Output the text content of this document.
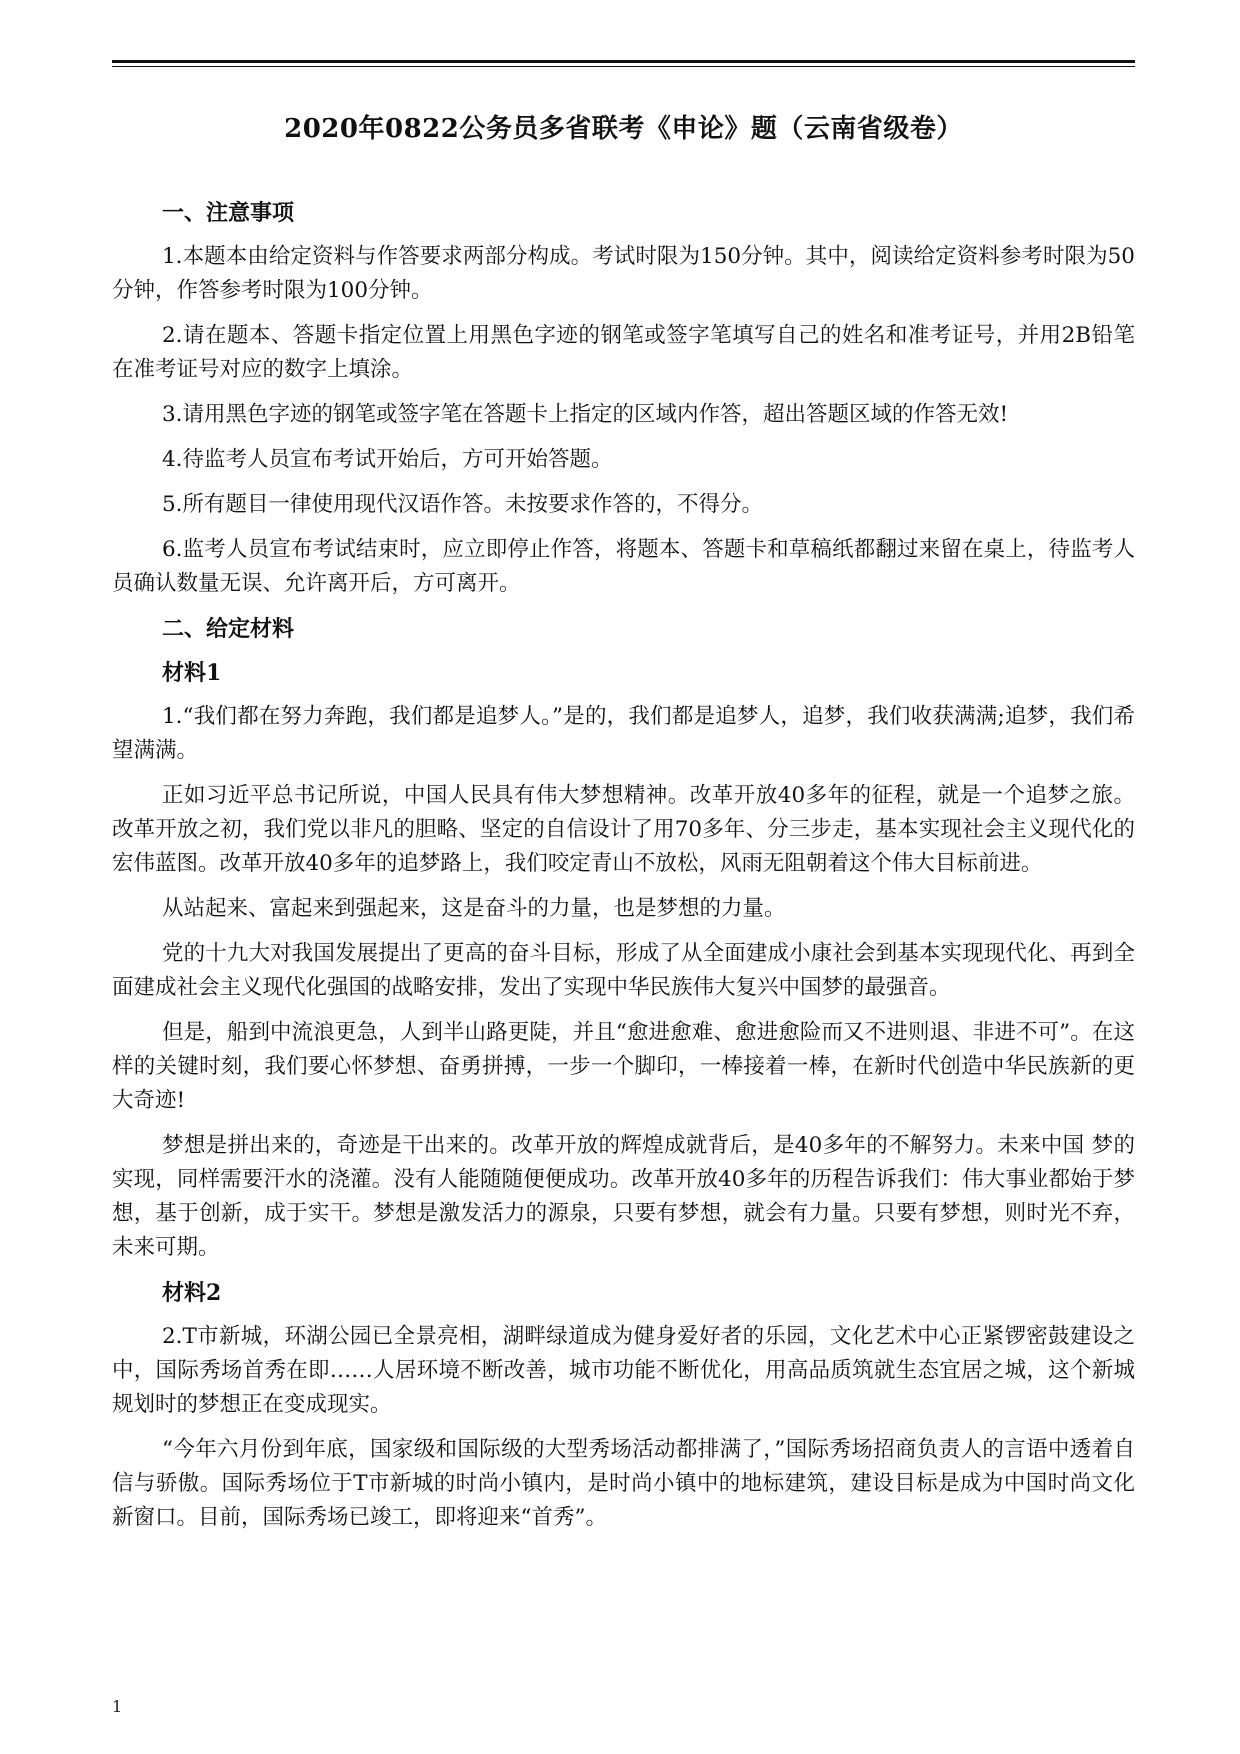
2020年0822公务员多省联考《申论》题（云南省级卷）
一、注意事项

1.本题本由给定资料与作答要求两部分构成。考试时限为150分钟。其中，阅读给定资料参考时限为50分钟，作答参考时限为100分钟。

2.请在题本、答题卡指定位置上用黑色字迹的钢笔或签字笔填写自己的姓名和准考证号，并用2B铅笔在准考证号对应的数字上填涂。

3.请用黑色字迹的钢笔或签字笔在答题卡上指定的区域内作答，超出答题区域的作答无效!

4.待监考人员宣布考试开始后，方可开始答题。

5.所有题目一律使用现代汉语作答。未按要求作答的，不得分。

6.监考人员宣布考试结束时，应立即停止作答，将题本、答题卡和草稿纸都翻过来留在桌上，待监考人员确认数量无误、允许离开后，方可离开。

二、给定材料
材料1

1.“我们都在努力奔跑，我们都是追梦人。”是的，我们都是追梦人，追梦，我们收获满满;追梦，我们希望满满。

正如习近平总书记所说，中国人民具有伟大梦想精神。改革开放40多年的征程，就是一个追梦之旅。改革开放之初，我们党以非凡的胆略、坚定的自信设计了用70多年、分三步走，基本实现社会主义现代化的宏伟蓝图。改革开放40多年的追梦路上，我们咬定青山不放松，风雨无阻朝着这个伟大目标前进。

从站起来、富起来到强起来，这是奋斗的力量，也是梦想的力量。

党的十九大对我国发展提出了更高的奋斗目标，形成了从全面建成小康社会到基本实现现代化、再到全面建成社会主义现代化强国的战略安排，发出了实现中华民族伟大复兴中国梦的最强音。

但是，船到中流浪更急，人到半山路更陡，并且“愈进愈难、愈进愈险而又不进则退、非进不可”。在这样的关键时刻，我们要心怀梦想、奋勇拼搏，一步一个脚印，一棒接着一棒，在新时代创造中华民族新的更大奇迹!

梦想是拼出来的，奇迹是干出来的。改革开放的辉煌成就背后，是40多年的不解努力。未来中国 梦的实现，同样需要汗水的浇灌。没有人能随随便便成功。改革开放40多年的历程告诉我们：伟大事业都始于梦想，基于创新，成于实干。梦想是激发活力的源泉，只要有梦想，就会有力量。只要有梦想，则时光不弃，未来可期。

材料2

2.T市新城，环湖公园已全景亮相，湖畔绿道成为健身爱好者的乐园，文化艺术中心正紧锣密鼓建设之中，国际秀场首秀在即……人居环境不断改善，城市功能不断优化，用高品质筑就生态宜居之城，这个新城规划时的梦想正在变成现实。

“今年六月份到年底，国家级和国际级的大型秀场活动都排满了，”国际秀场招商负责人的言语中透着自信与骄傲。国际秀场位于T市新城的时尚小镇内，是时尚小镇中的地标建筑，建设目标是成为中国时尚文化新窗口。目前，国际秀场已竣工，即将迎来“首秀”。

1
